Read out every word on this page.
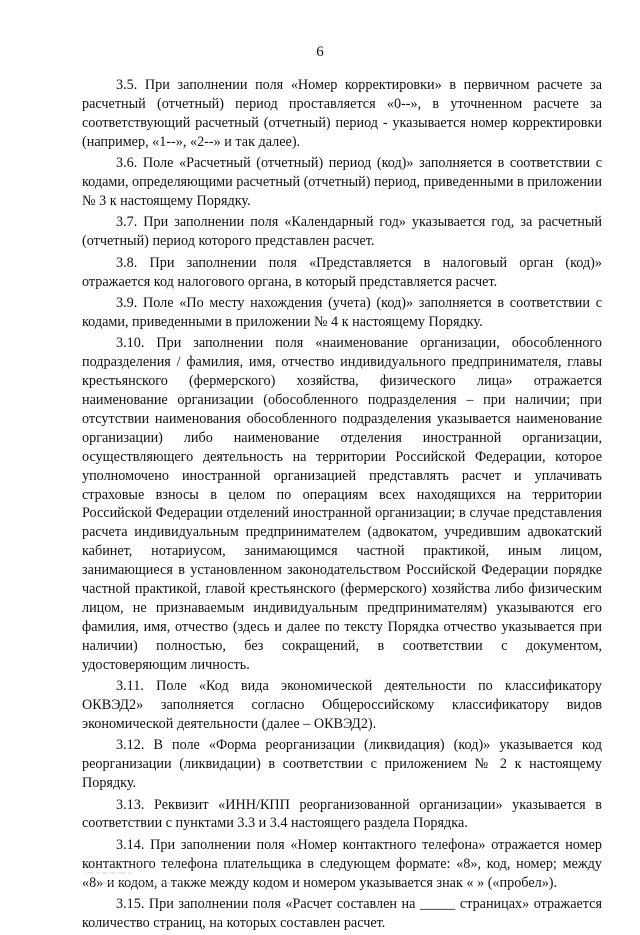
6

3.5. При заполнении поля «Номер корректировки» в первичном расчете за расчетный (отчетный) период проставляется «0--», в уточненном расчете за соответствующий расчетный (отчетный) период - указывается номер корректировки (например, «1--», «2--» и так далее).

3.6. Поле «Расчетный (отчетный) период (код)» заполняется в соответствии с кодами, определяющими расчетный (отчетный) период, приведенными в приложении № 3 к настоящему Порядку.

3.7. При заполнении поля «Календарный год» указывается год, за расчетный (отчетный) период которого представлен расчет.

3.8. При заполнении поля «Представляется в налоговый орган (код)» отражается код налогового органа, в который представляется расчет.

3.9. Поле «По месту нахождения (учета) (код)» заполняется в соответствии с кодами, приведенными в приложении № 4 к настоящему Порядку.

3.10. При заполнении поля «наименование организации, обособленного подразделения / фамилия, имя, отчество индивидуального предпринимателя, главы крестьянского (фермерского) хозяйства, физического лица» отражается наименование организации (обособленного подразделения – при наличии; при отсутствии наименования обособленного подразделения указывается наименование организации) либо наименование отделения иностранной организации, осуществляющего деятельность на территории Российской Федерации, которое уполномочено иностранной организацией представлять расчет и уплачивать страховые взносы в целом по операциям всех находящихся на территории Российской Федерации отделений иностранной организации; в случае представления расчета индивидуальным предпринимателем (адвокатом, учредившим адвокатский кабинет, нотариусом, занимающимся частной практикой, иным лицом, занимающиеся в установленном законодательством Российской Федерации порядке частной практикой, главой крестьянского (фермерского) хозяйства либо физическим лицом, не признаваемым индивидуальным предпринимателям) указываются его фамилия, имя, отчество (здесь и далее по тексту Порядка отчество указывается при наличии) полностью, без сокращений, в соответствии с документом, удостоверяющим личность.

3.11. Поле «Код вида экономической деятельности по классификатору ОКВЭД2» заполняется согласно Общероссийскому классификатору видов экономической деятельности (далее – ОКВЭД2).

3.12. В поле «Форма реорганизации (ликвидация) (код)» указывается код реорганизации (ликвидации) в соответствии с приложением № 2 к настоящему Порядку.

3.13. Реквизит «ИНН/КПП реорганизованной организации» указывается в соответствии с пунктами 3.3 и 3.4 настоящего раздела Порядка.

3.14. При заполнении поля «Номер контактного телефона» отражается номер контактного телефона плательщика в следующем формате: «8», код, номер; между «8» и кодом, а также между кодом и номером указывается знак « » («пробел»).

3.15. При заполнении поля «Расчет составлен на _____ страницах» отражается количество страниц, на которых составлен расчет.
